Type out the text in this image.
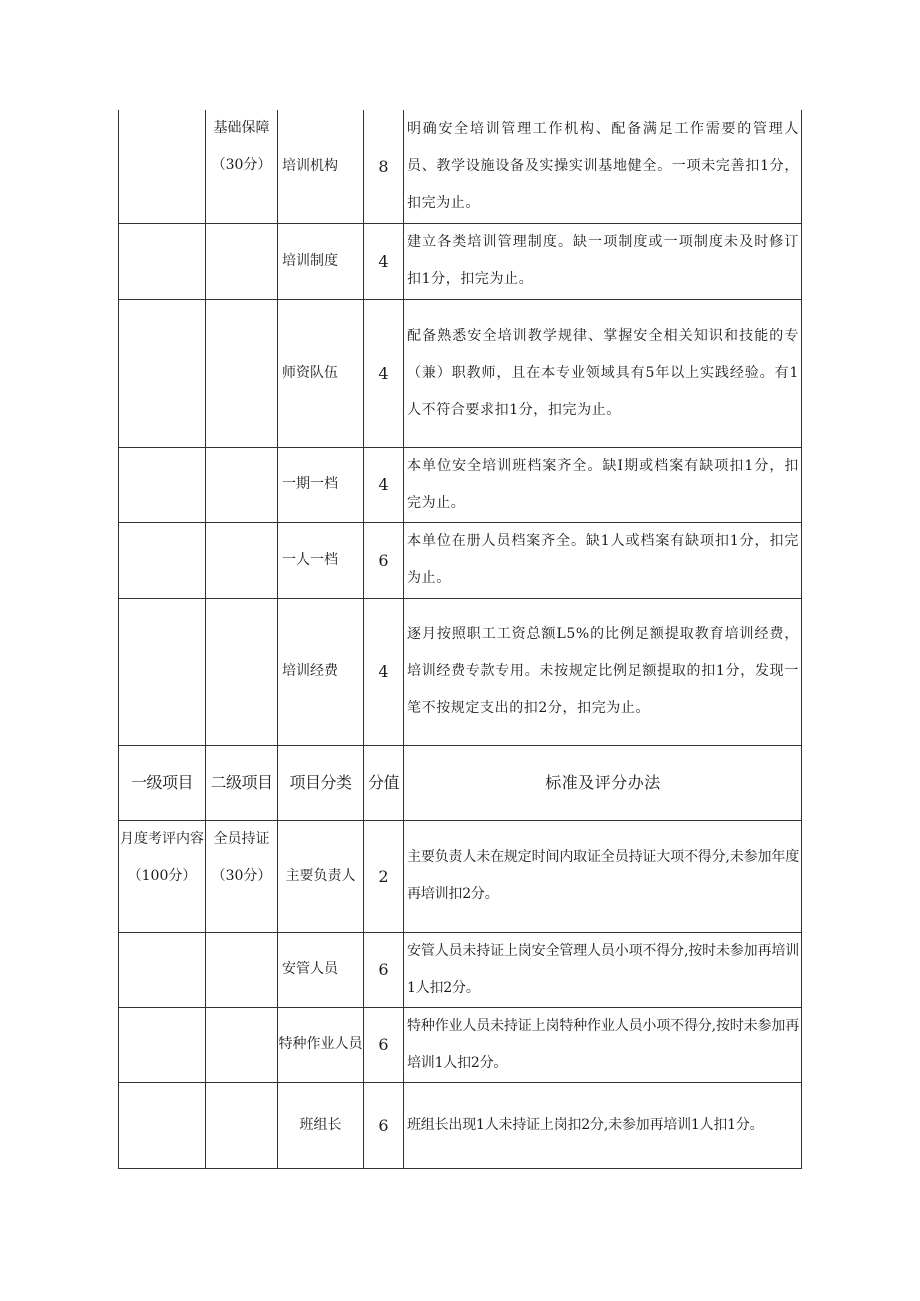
	基础保障（30分）	培训机构	8	明确安全培训管理工作机构、配备满足工作需要的管理人员、教学设施设备及实操实训基地健全。一项未完善扣1分，扣完为止。
		培训制度	4	建立各类培训管理制度。缺一项制度或一项制度未及时修订扣1分，扣完为止。
		师资队伍	4	配备熟悉安全培训教学规律、掌握安全相关知识和技能的专（兼）职教师，且在本专业领域具有5年以上实践经验。有1人不符合要求扣1分，扣完为止。
		一期一档	4	本单位安全培训班档案齐全。缺I期或档案有缺项扣1分，扣完为止。
		一人一档	6	本单位在册人员档案齐全。缺1人或档案有缺项扣1分，扣完为止。
		培训经费	4	逐月按照职工工资总额L5%的比例足额提取教育培训经费，培训经费专款专用。未按规定比例足额提取的扣1分，发现一笔不按规定支出的扣2分，扣完为止。
一级项目	二级项目	项目分类	分值	标准及评分办法
月度考评内容（100分）	全员持证（30分）	主要负责人	2	主要负责人未在规定时间内取证全员持证大项不得分,未参加年度再培训扣2分。
		安管人员	6	安管人员未持证上岗安全管理人员小项不得分,按时未参加再培训1人扣2分。
		特种作业人员	6	特种作业人员未持证上岗特种作业人员小项不得分,按时未参加再培训1人扣2分。
		班组长	6	班组长出现1人未持证上岗扣2分,未参加再培训1人扣1分。
